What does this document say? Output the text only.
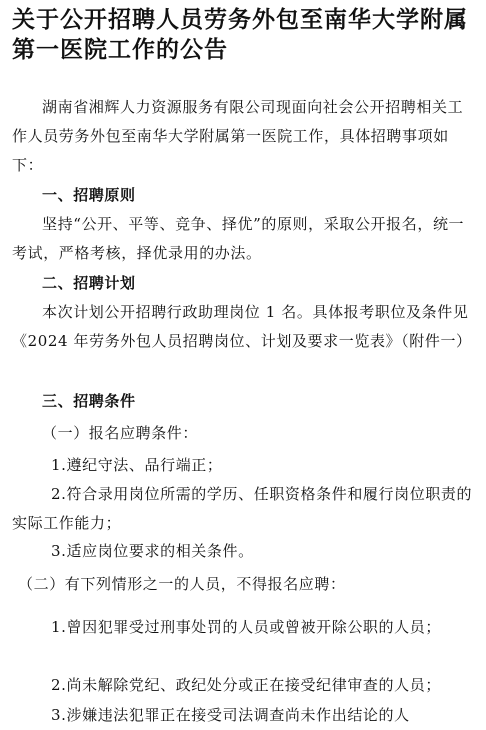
关于公开招聘人员劳务外包至南华大学附属第一医院工作的公告

湖南省湘辉人力资源服务有限公司现面向社会公开招聘相关工作人员劳务外包至南华大学附属第一医院工作，具体招聘事项如下：

一、招聘原则

坚持“公开、平等、竞争、择优”的原则，采取公开报名，统一考试，严格考核，择优录用的办法。

二、招聘计划

本次计划公开招聘行政助理岗位 1 名。具体报考职位及条件见《2024 年劳务外包人员招聘岗位、计划及要求一览表》（附件一）

三、招聘条件

（一）报名应聘条件：

1.遵纪守法、品行端正；

2.符合录用岗位所需的学历、任职资格条件和履行岗位职责的实际工作能力；

3.适应岗位要求的相关条件。

（二）有下列情形之一的人员，不得报名应聘：

1.曾因犯罪受过刑事处罚的人员或曾被开除公职的人员；

2.尚未解除党纪、政纪处分或正在接受纪律审查的人员；

3.涉嫌违法犯罪正在接受司法调查尚未作出结论的人
